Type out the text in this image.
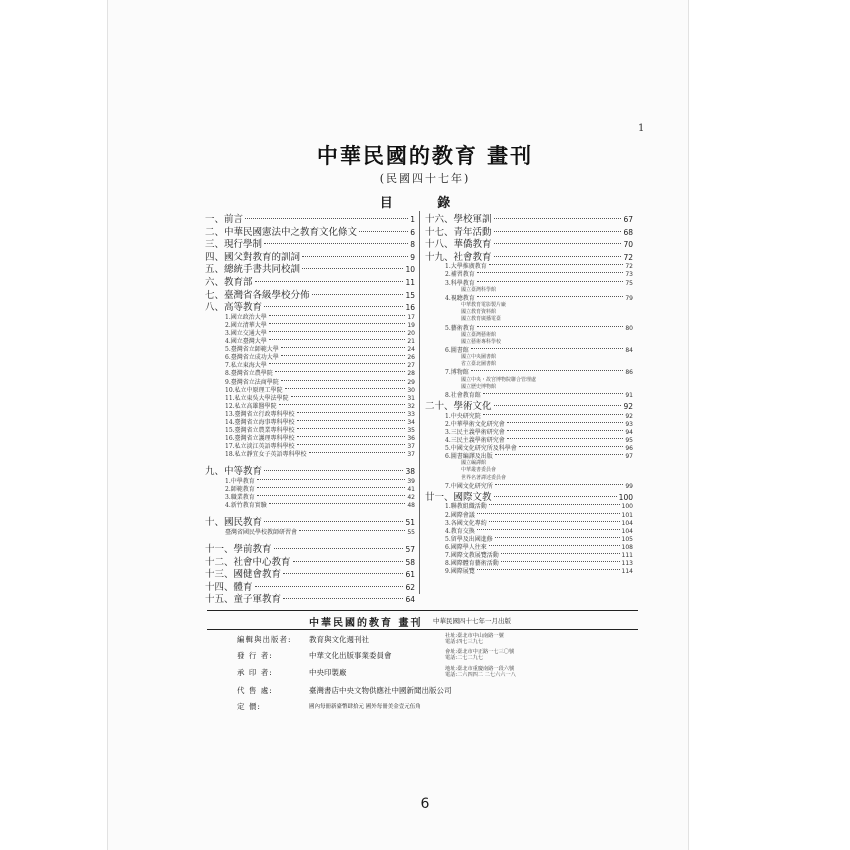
1
中華民國的教育 畫刊
(民國四十七年)
目 錄
一、前言	1
二、中華民國憲法中之教育文化條文	6
三、現行學制	8
四、國父對教育的訓詞	9
五、總統手書共同校訓	10
六、教育部	11
七、臺灣省各級學校分佈	15
八、高等教育	16
1.國立政治大學	17
2.國立清華大學	19
3.國立交通大學	20
4.國立臺灣大學	21
5.臺灣省立師範大學	24
6.臺灣省立成功大學	26
7.私立東海大學	27
8.臺灣省立農學院	28
9.臺灣省立法商學院	29
10.私立中原理工學院	30
11.私立東吳大學法學院	31
12.私立高雄醫學院	32
13.臺灣省立行政專科學校	33
14.臺灣省立海事專科學校	34
15.臺灣省立農業專科學校	35
16.臺灣省立護理專科學校	36
17.私立淡江英語專科學校	37
18.私立靜宜女子英語專科學校	37
九、中等教育	38
1.中學教育	39
2.師範教育	41
3.職業教育	42
4.新竹教育實驗	48
十、國民教育	51
臺灣省國民學校教師研習會	55
十一、學前教育	57
十二、社會中心教育	58
十三、國健會教育	61
十四、體育	62
十五、童子軍教育	64
十六、學校軍訓	67
十七、青年活動	68
十八、華僑教育	70
十九、社會教育	72
1.大學推廣教育	72
2.補習教育	73
3.科學教育	75
國立臺灣科學館
4.視聽教育	79
中華教育電影製片廠
國立教育資料館
國立教育廣播電臺
5.藝術教育	80
國立臺灣藝術館
國立藝術專科學校
6.圖書館	84
國立中央圖書館
省立臺北圖書館
7.博物館	86
國立中央・故宮博物院聯合管理處
國立歷史博物館
8.社會教育館	91
二十、學術文化	92
1.中央研究院	92
2.中華學術文化研究會	93
3.三民主義學術研究會	94
4.三民主義學術研究會	95
5.中國文化研究所及科學會	96
6.圖書編譯及出版	97
國立編譯館
中華叢書委員會
世界名著譯述委員會
7.中國文化研究所	99
廿一、國際文教	100
1.聯教組織活動	100
2.國際會議	101
3.各國文化專約	104
4.教育交換	104
5.留學及出國進修	105
6.國際學人往來	108
7.國際文教展覽活動	111
8.國際體育藝術活動	113
9.國際展覽	114
中華民國的教育 畫刊 中華民國四十七年一月出版
編輯與出版者:	教育與文化週刊社	社址:臺北市中山南路一號
電話:四七三九七
發 行 者:	中華文化出版事業委員會	會址:臺北市中正路一七三〇號
電話:二七二九七
承 印 者:	中央印製廠	地址:臺北市重慶南路一段六號
電話:二六四四二 二七六六一八
代 售 處:	臺灣書店 中央文物供應社 中國新聞出版公司
定 價:	國內每冊新臺幣肆拾元 國外每冊美金壹元伍角
6
